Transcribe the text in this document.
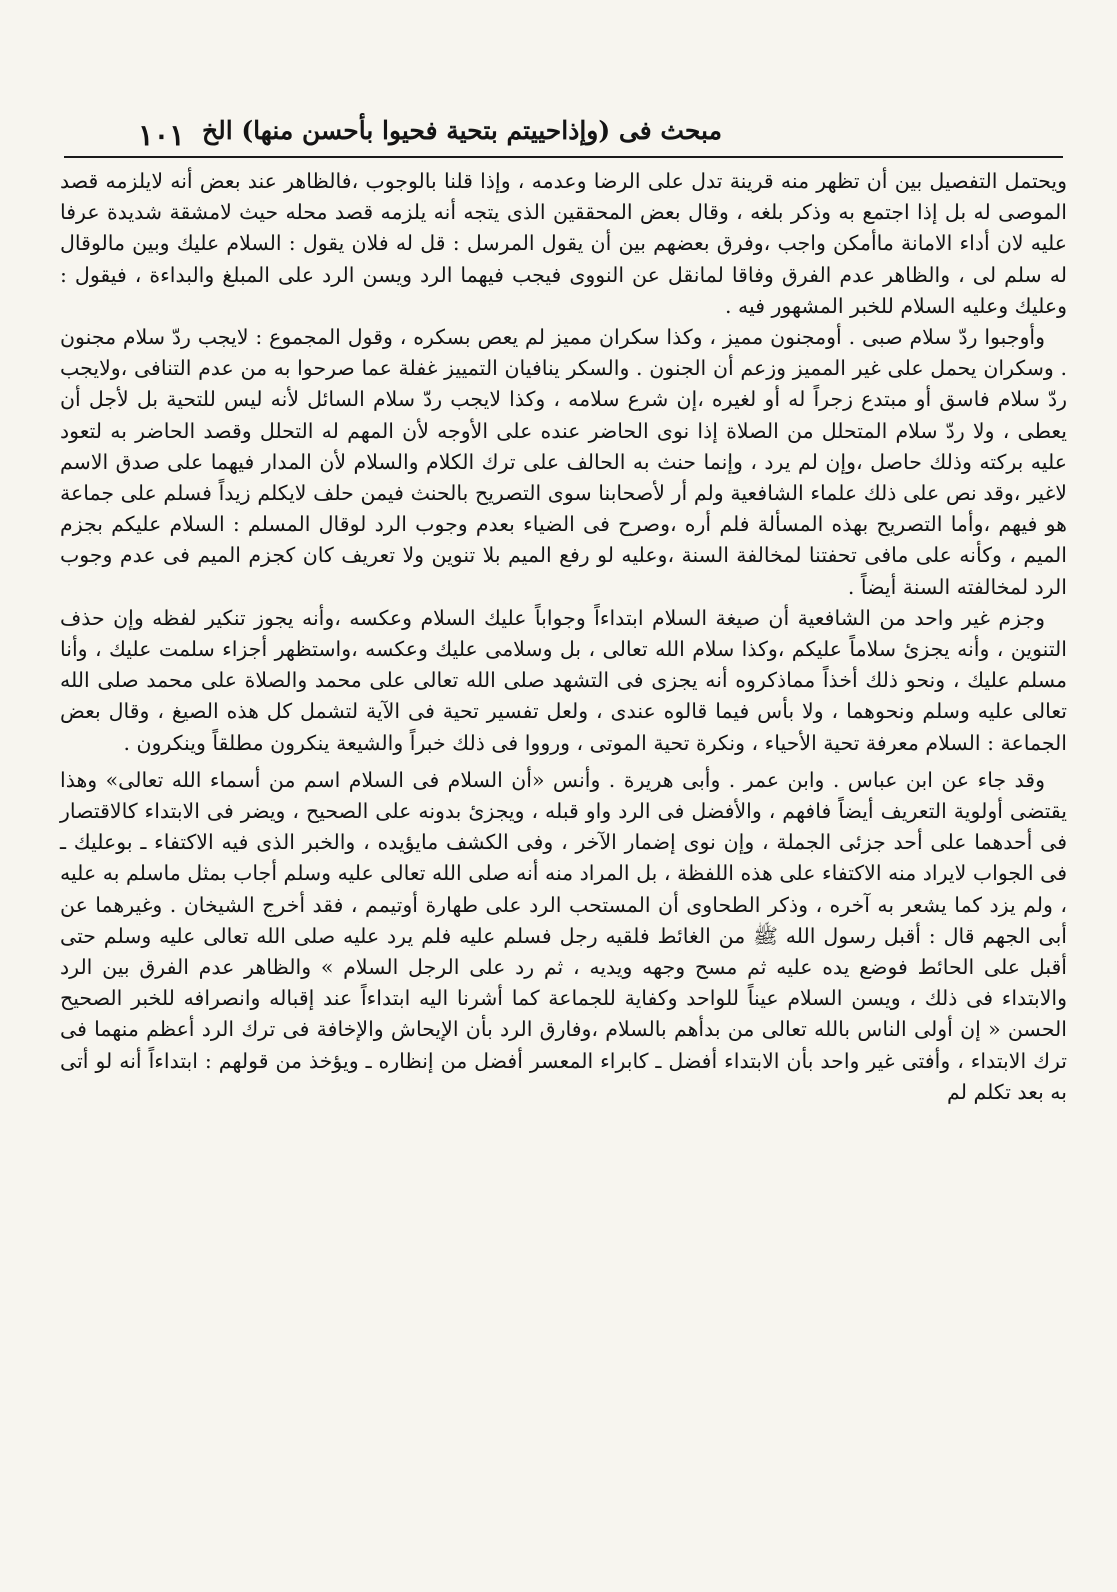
مبحث فى (وإذاحييتم بتحية فحيوا بأحسن منها) الخ
١٠١

ويحتمل التفصيل بين أن تظهر منه قرينة تدل على الرضا وعدمه ، وإذا قلنا بالوجوب ،فالظاهر عند بعض أنه لايلزمه قصد الموصى له بل إذا اجتمع به وذكر بلغه ، وقال بعض المحققين الذى يتجه أنه يلزمه قصد محله حيث لامشقة شديدة عرفا عليه لان أداء الامانة ماأمكن واجب ،وفرق بعضهم بين أن يقول المرسل : قل له فلان يقول : السلام عليك وبين مالوقال له سلم لى ، والظاهر عدم الفرق وفاقا لمانقل عن النووى فيجب فيهما الرد ويسن الرد على المبلغ والبداءة ، فيقول : وعليك وعليه السلام للخبر المشهور فيه .

وأوجبوا ردّ سلام صبى . أومجنون مميز ، وكذا سكران مميز لم يعص بسكره ، وقول المجموع : لايجب ردّ سلام مجنون . وسكران يحمل على غير المميز وزعم أن الجنون . والسكر ينافيان التمييز غفلة عما صرحوا به من عدم التنافى ،ولايجب ردّ سلام فاسق أو مبتدع زجراً له أو لغيره ،إن شرع سلامه ، وكذا لايجب ردّ سلام السائل لأنه ليس للتحية بل لأجل أن يعطى ، ولا ردّ سلام المتحلل من الصلاة إذا نوى الحاضر عنده على الأوجه لأن المهم له التحلل وقصد الحاضر به لتعود عليه بركته وذلك حاصل ،وإن لم يرد ، وإنما حنث به الحالف على ترك الكلام والسلام لأن المدار فيهما على صدق الاسم لاغير ،وقد نص على ذلك علماء الشافعية ولم أر لأصحابنا سوى التصريح بالحنث فيمن حلف لايكلم زيداً فسلم على جماعة هو فيهم ،وأما التصريح بهذه المسألة فلم أره ،وصرح فى الضياء بعدم وجوب الرد لوقال المسلم : السلام عليكم بجزم الميم ، وكأنه على مافى تحفتنا لمخالفة السنة ،وعليه لو رفع الميم بلا تنوين ولا تعريف كان كجزم الميم فى عدم وجوب الرد لمخالفته السنة أيضاً .

وجزم غير واحد من الشافعية أن صيغة السلام ابتداءاً وجواباً عليك السلام وعكسه ،وأنه يجوز تنكير لفظه وإن حذف التنوين ، وأنه يجزئ سلاماً عليكم ،وكذا سلام الله تعالى ، بل وسلامى عليك وعكسه ،واستظهر أجزاء سلمت عليك ، وأنا مسلم عليك ، ونحو ذلك أخذاً مماذكروه أنه يجزى فى التشهد صلى الله تعالى على محمد والصلاة على محمد صلى الله تعالى عليه وسلم ونحوهما ، ولا بأس فيما قالوه عندى ، ولعل تفسير تحية فى الآية لتشمل كل هذه الصيغ ، وقال بعض الجماعة : السلام معرفة تحية الأحياء ، ونكرة تحية الموتى ، ورووا فى ذلك خبراً والشيعة ينكرون مطلقاً وينكرون .

وقد جاء عن ابن عباس . وابن عمر . وأبى هريرة . وأنس «أن السلام فى السلام اسم من أسماء الله تعالى» وهذا يقتضى أولوية التعريف أيضاً فافهم ، والأفضل فى الرد واو قبله ، ويجزئ بدونه على الصحيح ، ويضر فى الابتداء كالاقتصار فى أحدهما على أحد جزئى الجملة ، وإن نوى إضمار الآخر ، وفى الكشف مايؤيده ، والخبر الذى فيه الاكتفاء ـ بوعليك ـ فى الجواب لايراد منه الاكتفاء على هذه اللفظة ، بل المراد منه أنه صلى الله تعالى عليه وسلم أجاب بمثل ماسلم به عليه ، ولم يزد كما يشعر به آخره ، وذكر الطحاوى أن المستحب الرد على طهارة أوتيمم ، فقد أخرج الشيخان . وغيرهما عن أبى الجهم قال : أقبل رسول الله ﷺ من الغائط فلقيه رجل فسلم عليه فلم يرد عليه صلى الله تعالى عليه وسلم حتى أقبل على الحائط فوضع يده عليه ثم مسح وجهه ويديه ، ثم رد على الرجل السلام » والظاهر عدم الفرق بين الرد والابتداء فى ذلك ، ويسن السلام عيناً للواحد وكفاية للجماعة كما أشرنا اليه ابتداءاً عند إقباله وانصرافه للخبر الصحيح الحسن « إن أولى الناس بالله تعالى من بدأهم بالسلام ،وفارق الرد بأن الإيحاش والإخافة فى ترك الرد أعظم منهما فى ترك الابتداء ، وأفتى غير واحد بأن الابتداء أفضل ـ كابراء المعسر أفضل من إنظاره ـ ويؤخذ من قولهم : ابتداءاً أنه لو أتى به بعد تكلم لم
